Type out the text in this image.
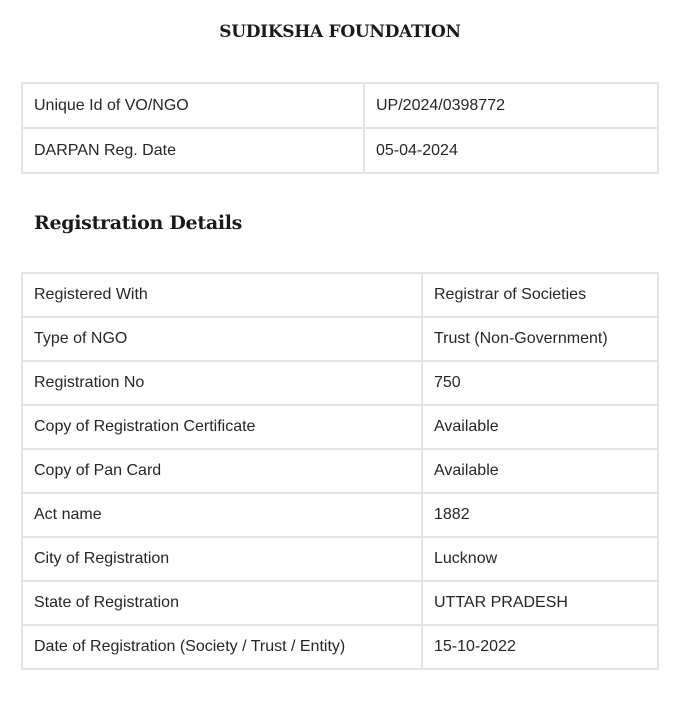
SUDIKSHA FOUNDATION
Unique Id of VO/NGO	UP/2024/0398772
DARPAN Reg. Date	05-04-2024
Registration Details
Registered With	Registrar of Societies
Type of NGO	Trust (Non-Government)
Registration No	750
Copy of Registration Certificate	Available
Copy of Pan Card	Available
Act name	1882
City of Registration	Lucknow
State of Registration	UTTAR PRADESH
Date of Registration (Society / Trust / Entity)	15-10-2022
